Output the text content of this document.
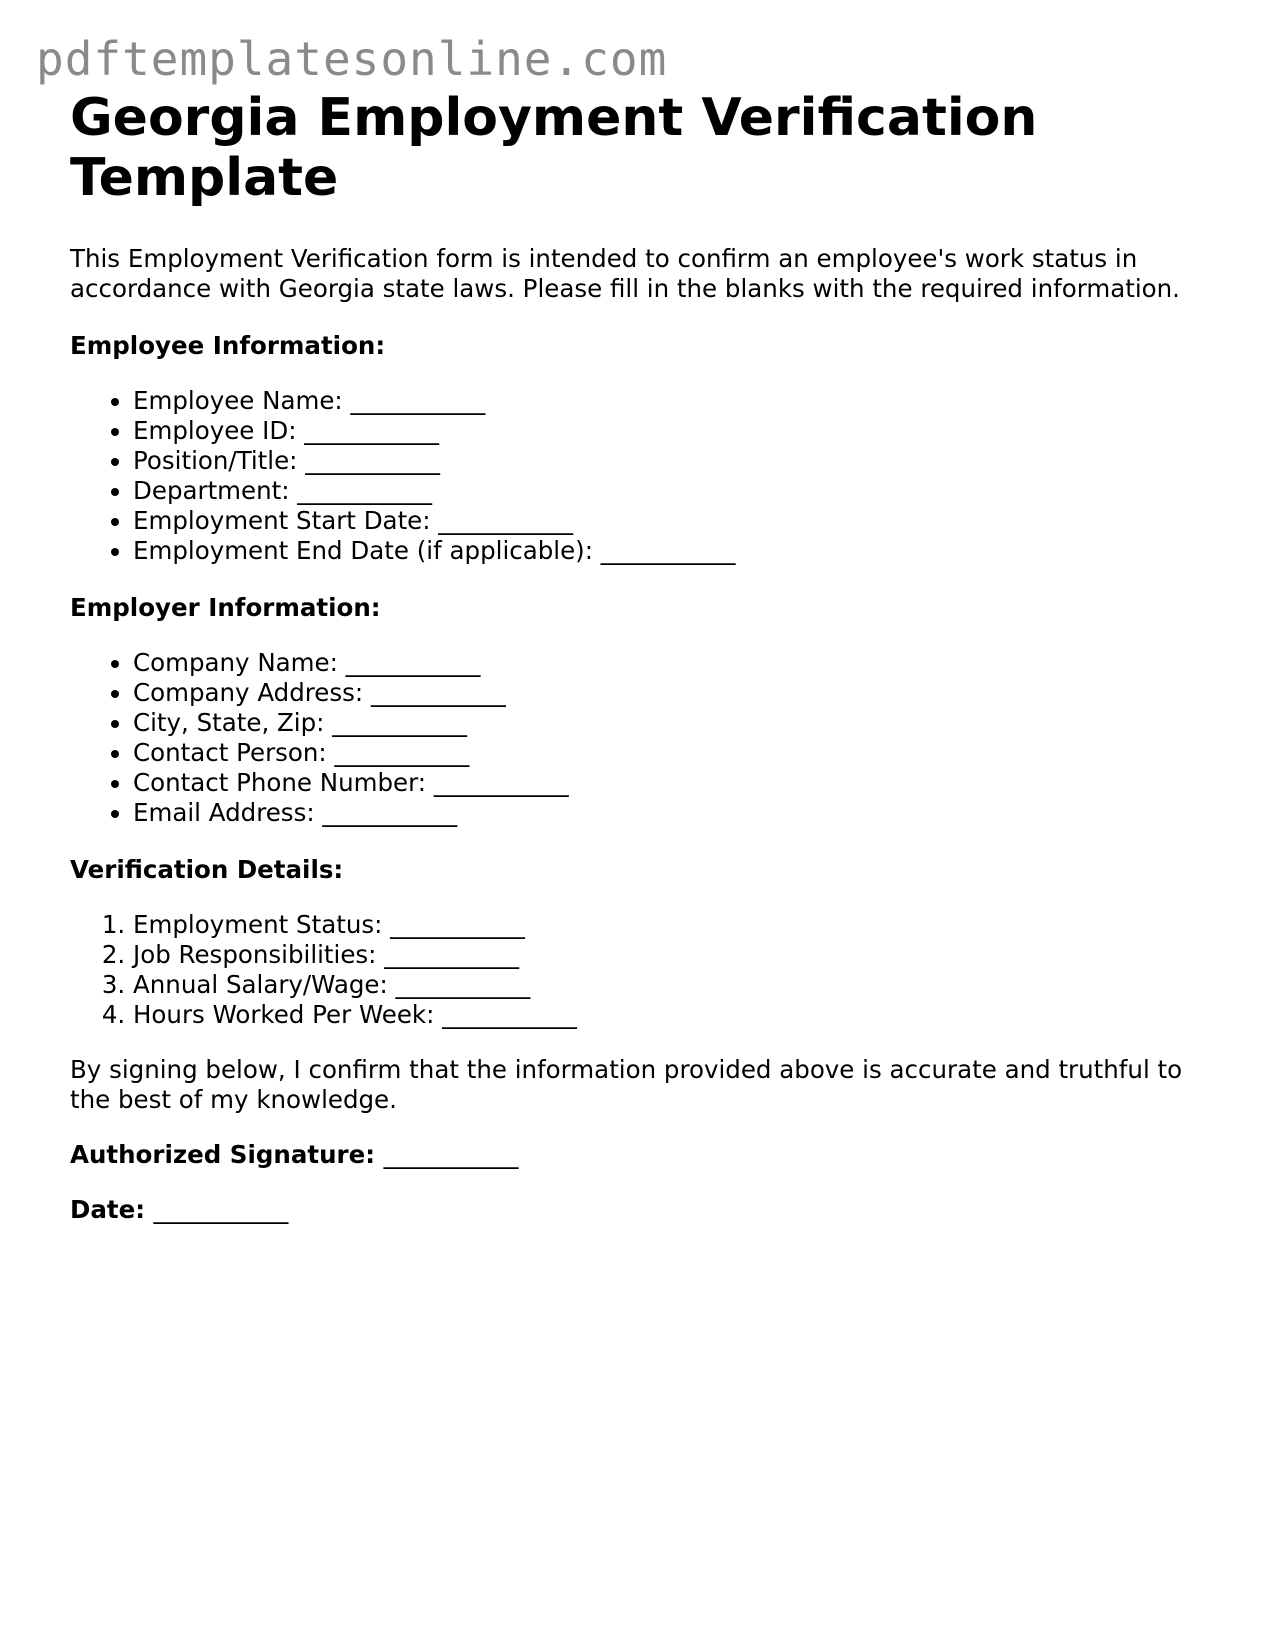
pdftemplatesonline.com
Georgia Employment Verification Template

This Employment Verification form is intended to confirm an employee's work status in accordance with Georgia state laws. Please fill in the blanks with the required information.

Employee Information:

• Employee Name: ___________
• Employee ID: ___________
• Position/Title: ___________
• Department: ___________
• Employment Start Date: ___________
• Employment End Date (if applicable): ___________

Employer Information:

• Company Name: ___________
• Company Address: ___________
• City, State, Zip: ___________
• Contact Person: ___________
• Contact Phone Number: ___________
• Email Address: ___________

Verification Details:

1. Employment Status: ___________
2. Job Responsibilities: ___________
3. Annual Salary/Wage: ___________
4. Hours Worked Per Week: ___________

By signing below, I confirm that the information provided above is accurate and truthful to the best of my knowledge.

Authorized Signature: ___________

Date: ___________
